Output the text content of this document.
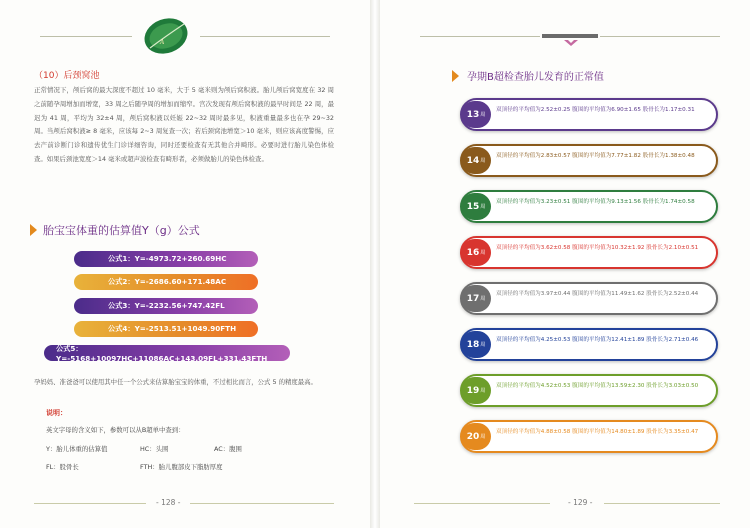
A
（10）后颈窝池
正常情况下，颅后窝的最大深度不超过 10 毫米，大于 5 毫米则为颅后窝积液。胎儿颅后窝宽度在 32 周之前随孕周增加而增宽，33 周之后随孕周的增加而缩窄。宫次发现有颅后窝积液的最早时间是 22 周，最迟为 41 周，平均为 32±4 周，颅后窝积液以妊娠 22~32 周时最多见，积液重量最多也在孕 29~32 周。当颅后窝积液≥ 8 毫米，应该每 2~3 周复查一次；若后颈窝池增宽＞10 毫米，则应该高度警惕，应去产前诊断门诊和遗传优生门诊详细咨询，同时还要检查有无其他合并畸形。必要时进行胎儿染色体检查。如果后颈池宽度＞14 毫米或超声波检查有畸形者，必须做胎儿的染色体检查。
胎宝宝体重的估算值Y（g）公式
公式1：Y=-4973.72+260.69HC
公式2：Y=-2686.60+171.48AC
公式3：Y=-2232.56+747.42FL
公式4：Y=-2513.51+1049.90FTH
公式5：Y=-5168+10097HC+11086AC+143.09FL+331.43FTH
孕妈妈、准爸爸可以使用其中任一个公式来估算胎宝宝的体重，不过相比而言，公式 5 的精度最高。
说明：
英文字母的含义如下，参数可以从B超单中查到：
Y：胎儿体重的估算值	HC：头围	AC：腹围
FL：股骨长	FTH：胎儿腹部皮下脂肪厚度
- 128 -
孕期B超检查胎儿发育的正常值
13 周
双顶径的平均值为2.52±0.25 腹围的平均值为6.90±1.65 股骨长为1.17±0.31
14 周
双顶径的平均值为2.83±0.57 腹围的平均值为7.77±1.82 股骨长为1.38±0.48
15 周
双顶径的平均值为3.23±0.51 腹围的平均值为9.13±1.56 股骨长为1.74±0.58
16 周
双顶径的平均值为3.62±0.58 腹围的平均值为10.32±1.92 股骨长为2.10±0.51
17 周
双顶径的平均值为3.97±0.44 腹围的平均值为11.49±1.62 股骨长为2.52±0.44
18 周
双顶径的平均值为4.25±0.53 腹围的平均值为12.41±1.89 股骨长为2.71±0.46
19 周
双顶径的平均值为4.52±0.53 腹围的平均值为13.59±2.30 股骨长为3.03±0.50
20 周
双顶径的平均值为4.88±0.58 腹围的平均值为14.80±1.89 股骨长为3.35±0.47
- 129 -
